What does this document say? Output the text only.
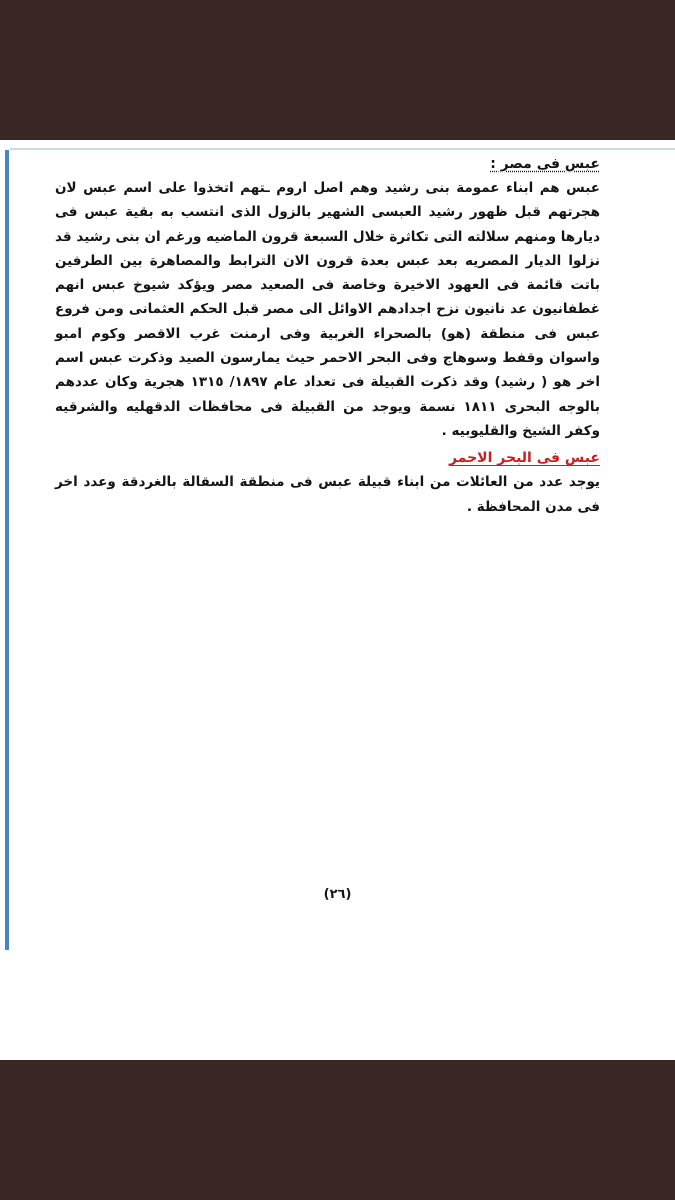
عبس فى مصر :

عبس هم ابناء عمومة بنى رشيد وهم اصل اروم ـتهم اتخذوا على اسم عبس لان هجرتهم قبل ظهور رشيد العبسى الشهير بالزول الذى انتسب به بقية عبس فى ديارها ومنهم سلالته التى تكاثرة خلال السبعة قرون الماضيه ورغم ان بنى رشيد قد نزلوا الديار المصريه بعد عبس بعدة قرون الان الترابط والمصاهرة بين الطرفين باتت قائمة فى العهود الاخيرة وخاصة فى الصعيد مصر ويؤكد شيوخ عبس انهم غطفانيون عد نانيون نزح اجدادهم الاوائل الى مصر قبل الحكم العثمانى ومن فروع عبس فى منطقة (هو) بالصحراء الغربية وفى ارمنت غرب الاقصر وكوم امبو واسوان وقفط وسوهاج وفى البحر الاحمر حيث يمارسون الصيد وذكرت عبس اسم اخر هو ( رشيد) وقد ذكرت القبيلة فى تعداد عام ١٨٩٧/ ١٣١٥ هجرية وكان عددهم بالوجه البحرى ١٨١١ نسمة ويوجد من القبيلة فى محافظات الدقهليه والشرقيه وكفر الشيخ والقليوبيه .

عبس فى البحر الاحمر

يوجد عدد من العائلات من ابناء قبيلة عبس فى منطقة السقالة بالغردقة وعدد اخر فى مدن المحافظة .

(٢٦)
